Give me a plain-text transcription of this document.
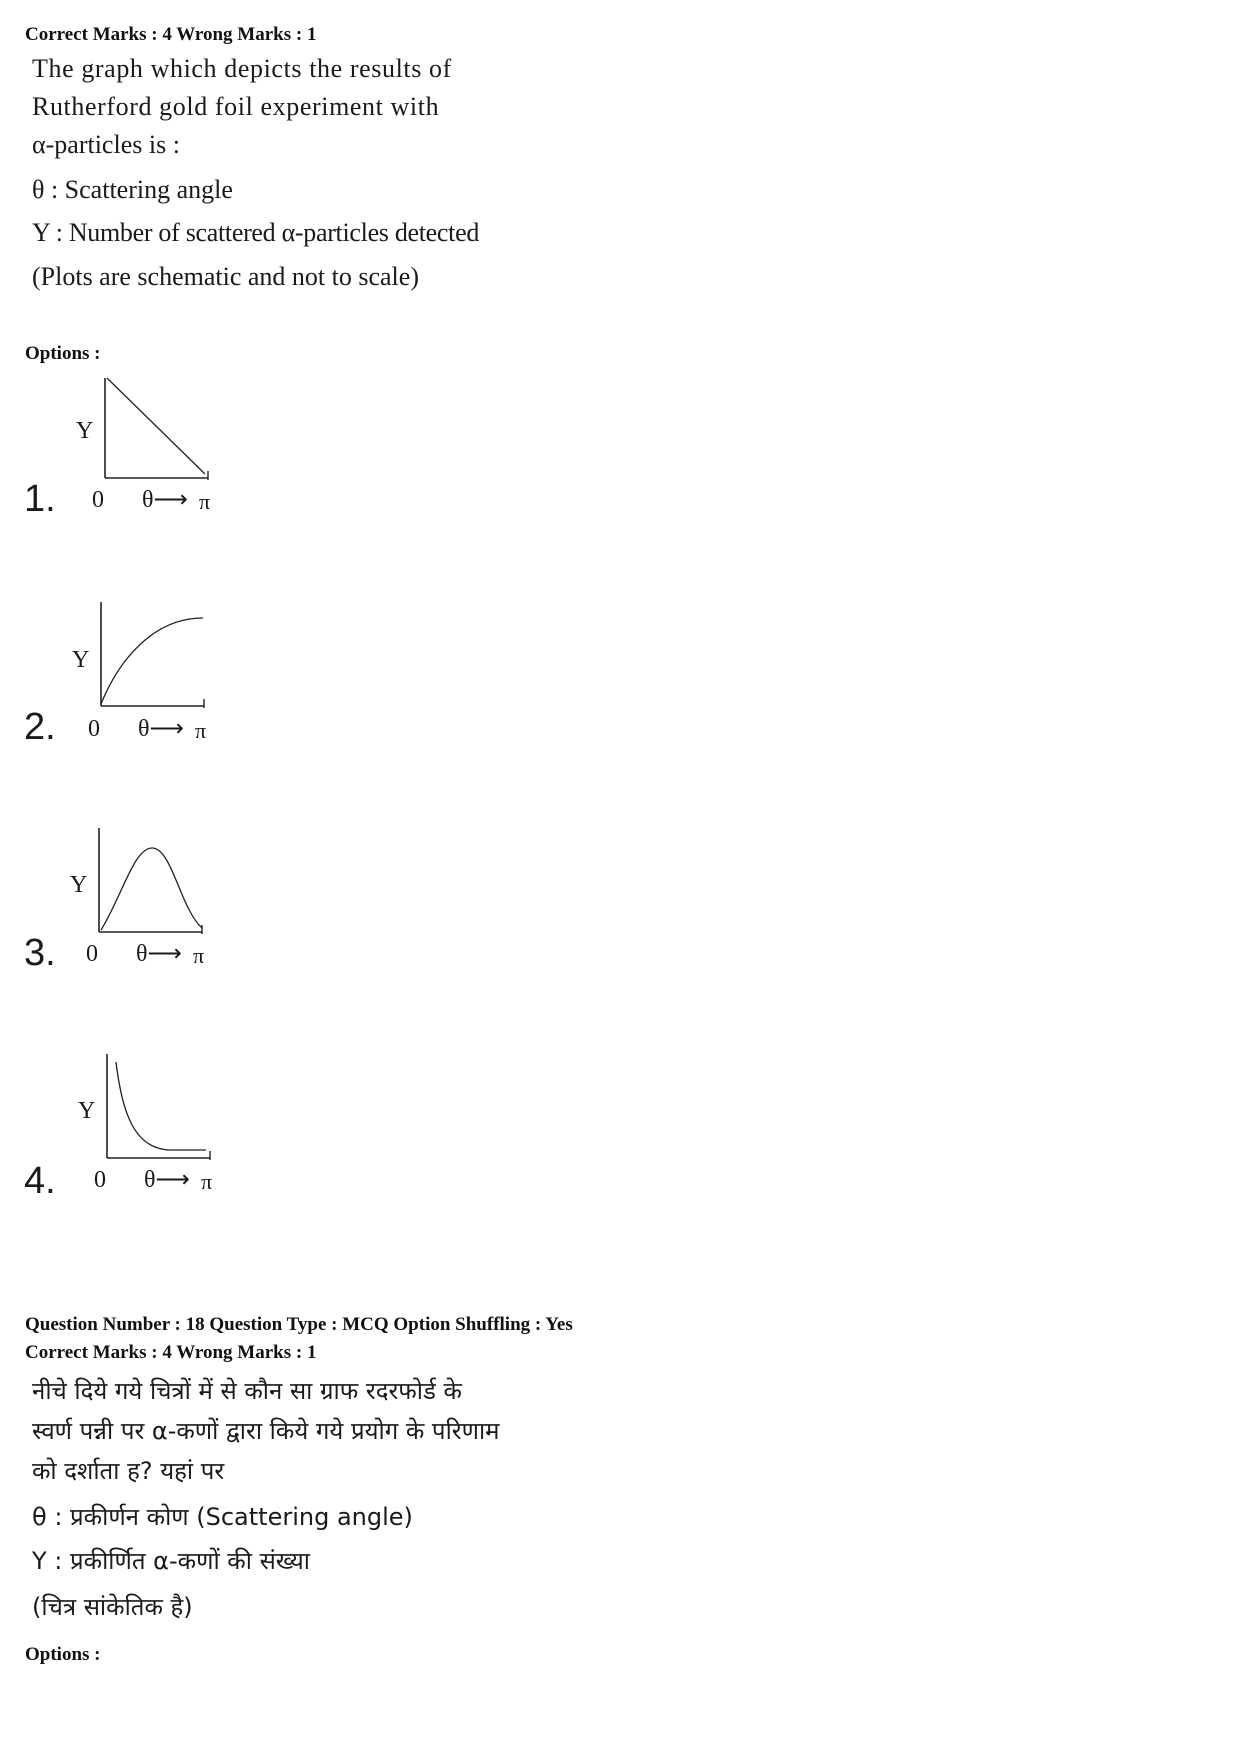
Correct Marks : 4 Wrong Marks : 1
The graph which depicts the results of
Rutherford gold foil experiment with
α-particles is :
θ : Scattering angle
Y : Number of scattered α-particles detected
(Plots are schematic and not to scale)
Options :
1.
Y
0 θ⟶ π
2.
Y
0 θ⟶ π
3.
Y
0 θ⟶ π
4.
Y
0 θ⟶ π
Question Number : 18 Question Type : MCQ Option Shuffling : Yes
Correct Marks : 4 Wrong Marks : 1
नीचे दिये गये चित्रों में से कौन सा ग्राफ रदरफोर्ड के
स्वर्ण पन्नी पर α-कणों द्वारा किये गये प्रयोग के परिणाम
को दर्शाता ह? यहां पर
θ : प्रकीर्णन कोण (Scattering angle)
Y : प्रकीर्णित α-कणों की संख्या
(चित्र सांकेतिक है)
Options :
